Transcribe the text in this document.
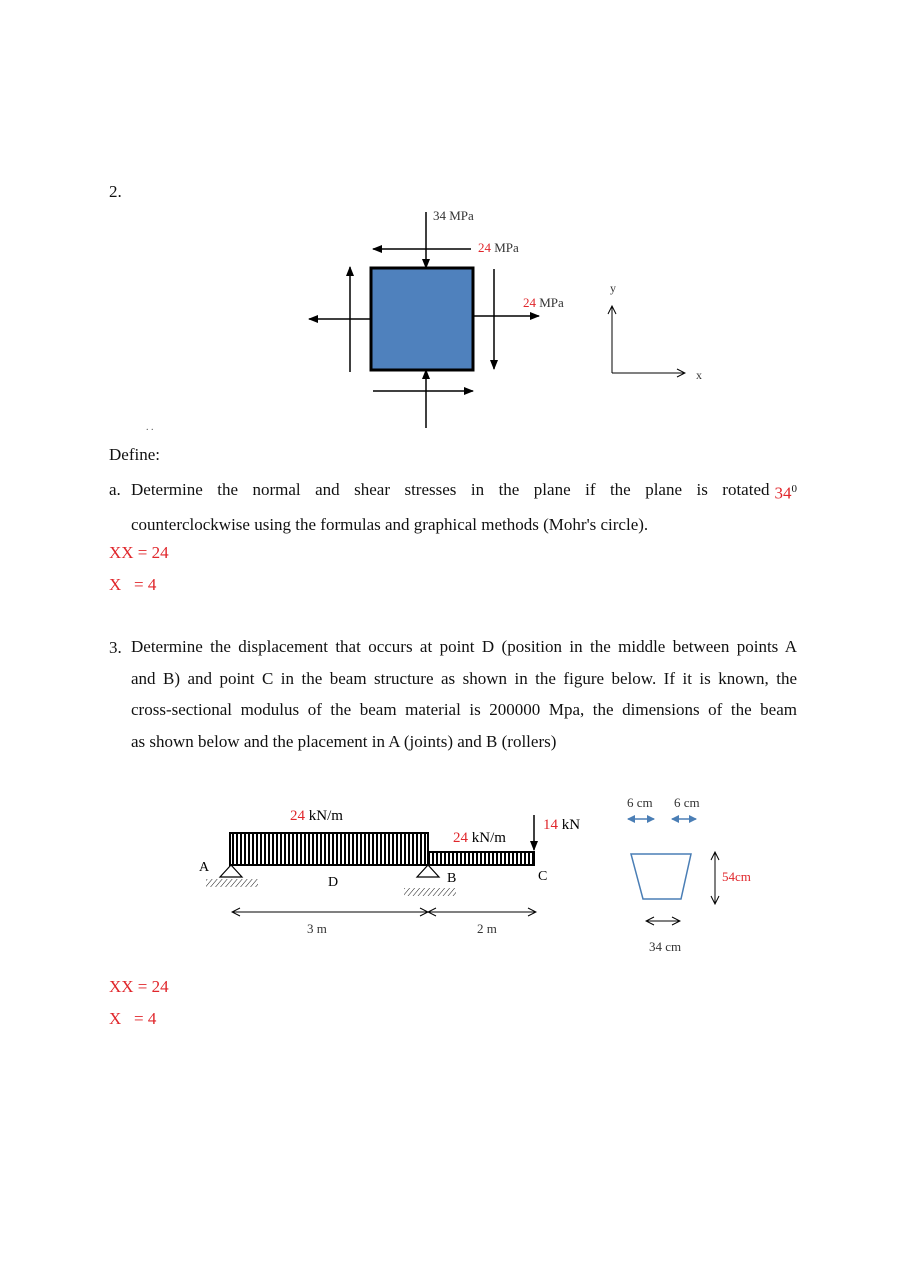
2.
34 MPa
24 MPa
24 MPa
y
x
. .
Define:
a. Determine the normal and shear stresses in the plane if the plane is rotated $34^0$
counterclockwise using the formulas and graphical methods (Mohr's circle).
XX = 24
X   = 4
3. Determine the displacement that occurs at point D (position in the middle between points A
and B) and point C in the beam structure as shown in the figure below. If it is known, the
cross-sectional modulus of the beam material is 200000 Mpa, the dimensions of the beam
as shown below and the placement in A (joints) and B (rollers)
24 kN/m
24 kN/m
14 kN
A
D	B	C
3 m	2 m
6 cm 6 cm
54cm
34 cm
XX = 24
X   = 4
